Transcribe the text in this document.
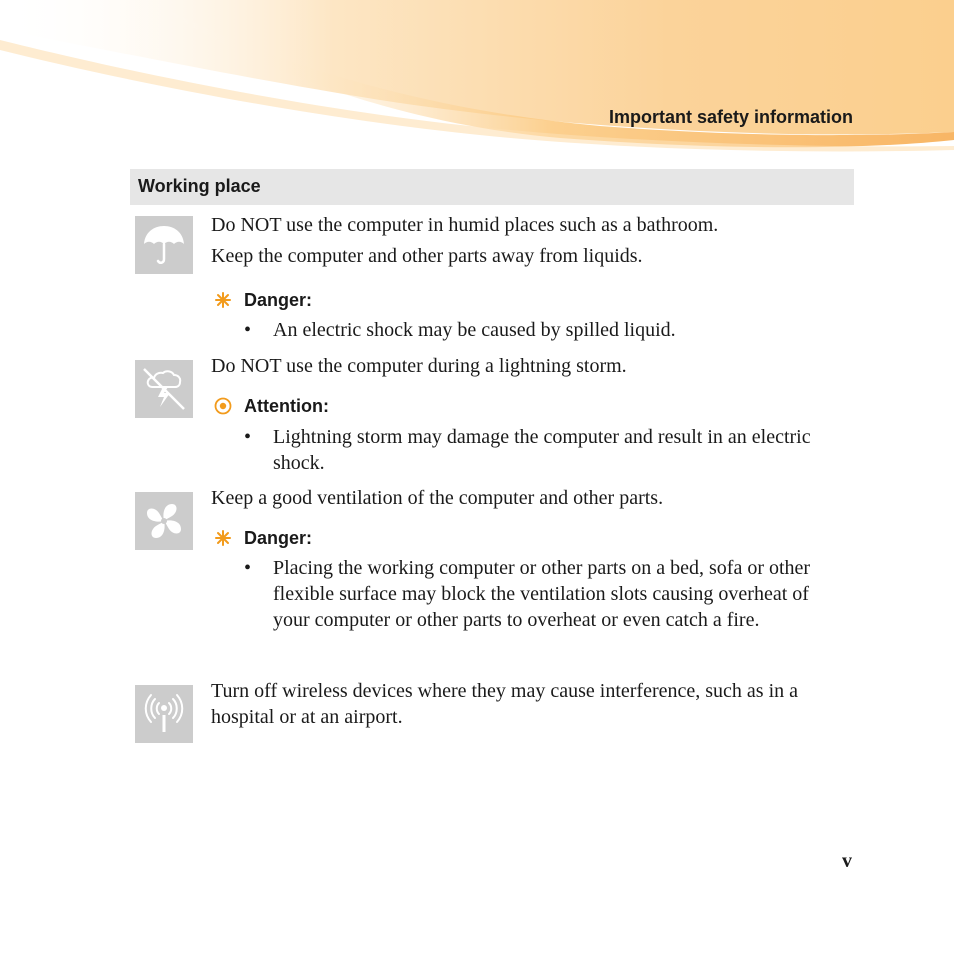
Important safety information
Working place
Do NOT use the computer in humid places such as a bathroom.
Keep the computer and other parts away from liquids.
Danger:
•	An electric shock may be caused by spilled liquid.
Do NOT use the computer during a lightning storm.
Attention:
•	Lightning storm may damage the computer and result in an electric shock.
Keep a good ventilation of the computer and other parts.
Danger:
•	Placing the working computer or other parts on a bed, sofa or other flexible surface may block the ventilation slots causing overheat of your computer or other parts to overheat or even catch a fire.
Turn off wireless devices where they may cause interference, such as in a hospital or at an airport.
v
